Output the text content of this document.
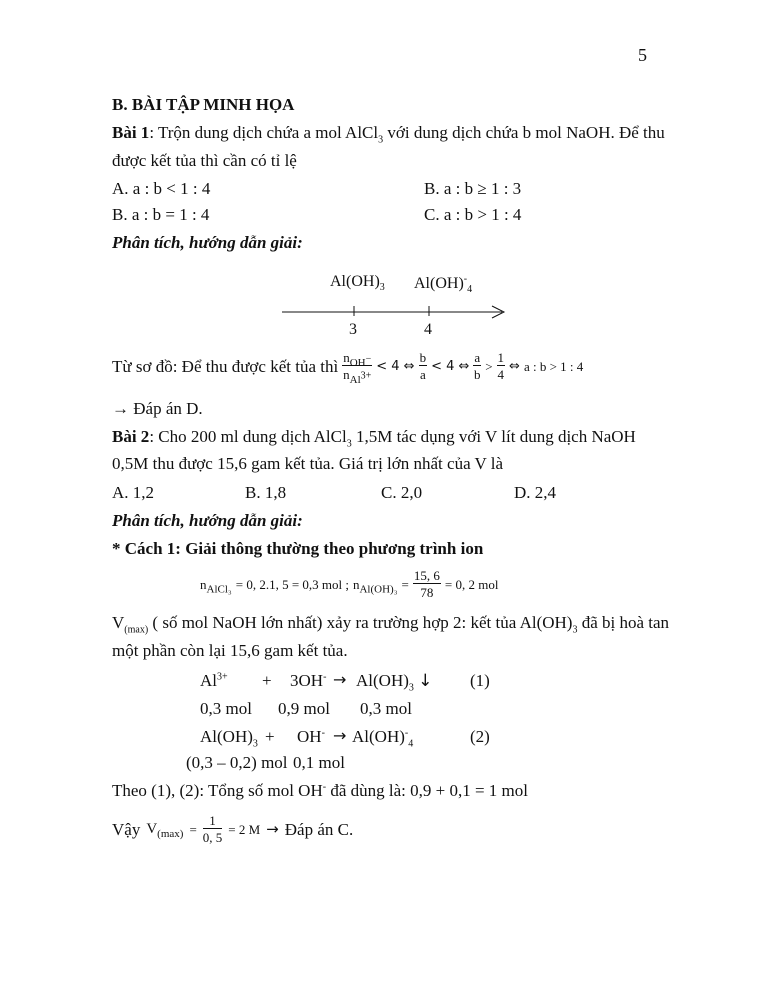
5
B. BÀI TẬP MINH HỌA
Bài 1: Trộn dung dịch chứa a mol AlCl$_3$ với dung dịch chứa b mol NaOH. Để thu
được kết tủa thì cần có tỉ lệ
A. a : b < 1 : 4	B. a : b ≥ 1 : 3
B. a : b = 1 : 4	C. a : b > 1 : 4
Phân tích, hướng dẫn giải:
$Al(OH)_3$ $Al(OH)^-_4$
3	4
Từ sơ đồ: Để thu được kết tủa thì $\frac{n_{OH^-}}{n_{Al^{3+}}} < 4$ ⇔ $\frac{b}{a} < 4$ ⇔ $\frac{a}{b} > \frac{1}{4}$ ⇔ a : b > 1 : 4
→ Đáp án D.
Bài 2: Cho 200 ml dung dịch AlCl$_3$ 1,5M tác dụng với V lít dung dịch NaOH
0,5M thu được 15,6 gam kết tủa. Giá trị lớn nhất của V là
A. 1,2	B. 1,8	C. 2,0	D. 2,4
Phân tích, hướng dẫn giải:
* Cách 1: Giải thông thường theo phương trình ion
$n_{AlCl_3} = 0$, 2.1, 5 = 0,3 mol ; $n_{Al(OH)_3} = \frac{15, 6}{78} = 0$, 2 mol
$V_{(max)}$ ( số mol NaOH lớn nhất) xảy ra trường hợp 2: kết tủa $Al(OH)_3$ đã bị hoà tan
một phần còn lại 15,6 gam kết tủa.
$Al^{3+} + 3OH^- \to Al(OH)_3$ ↓ (1)
0,3 mol 0,9 mol 0,3 mol
$Al(OH)_3 + OH^- \to Al(OH)^-_4$	(2)
(0,3 – 0,2) mol 0,1 mol
Theo (1), (2): Tổng số mol OH- đã dùng là: 0,9 + 0,1 = 1 mol
Vậy $V_{(max)} = \frac{1}{0, 5} = 2$ M → Đáp án C.
